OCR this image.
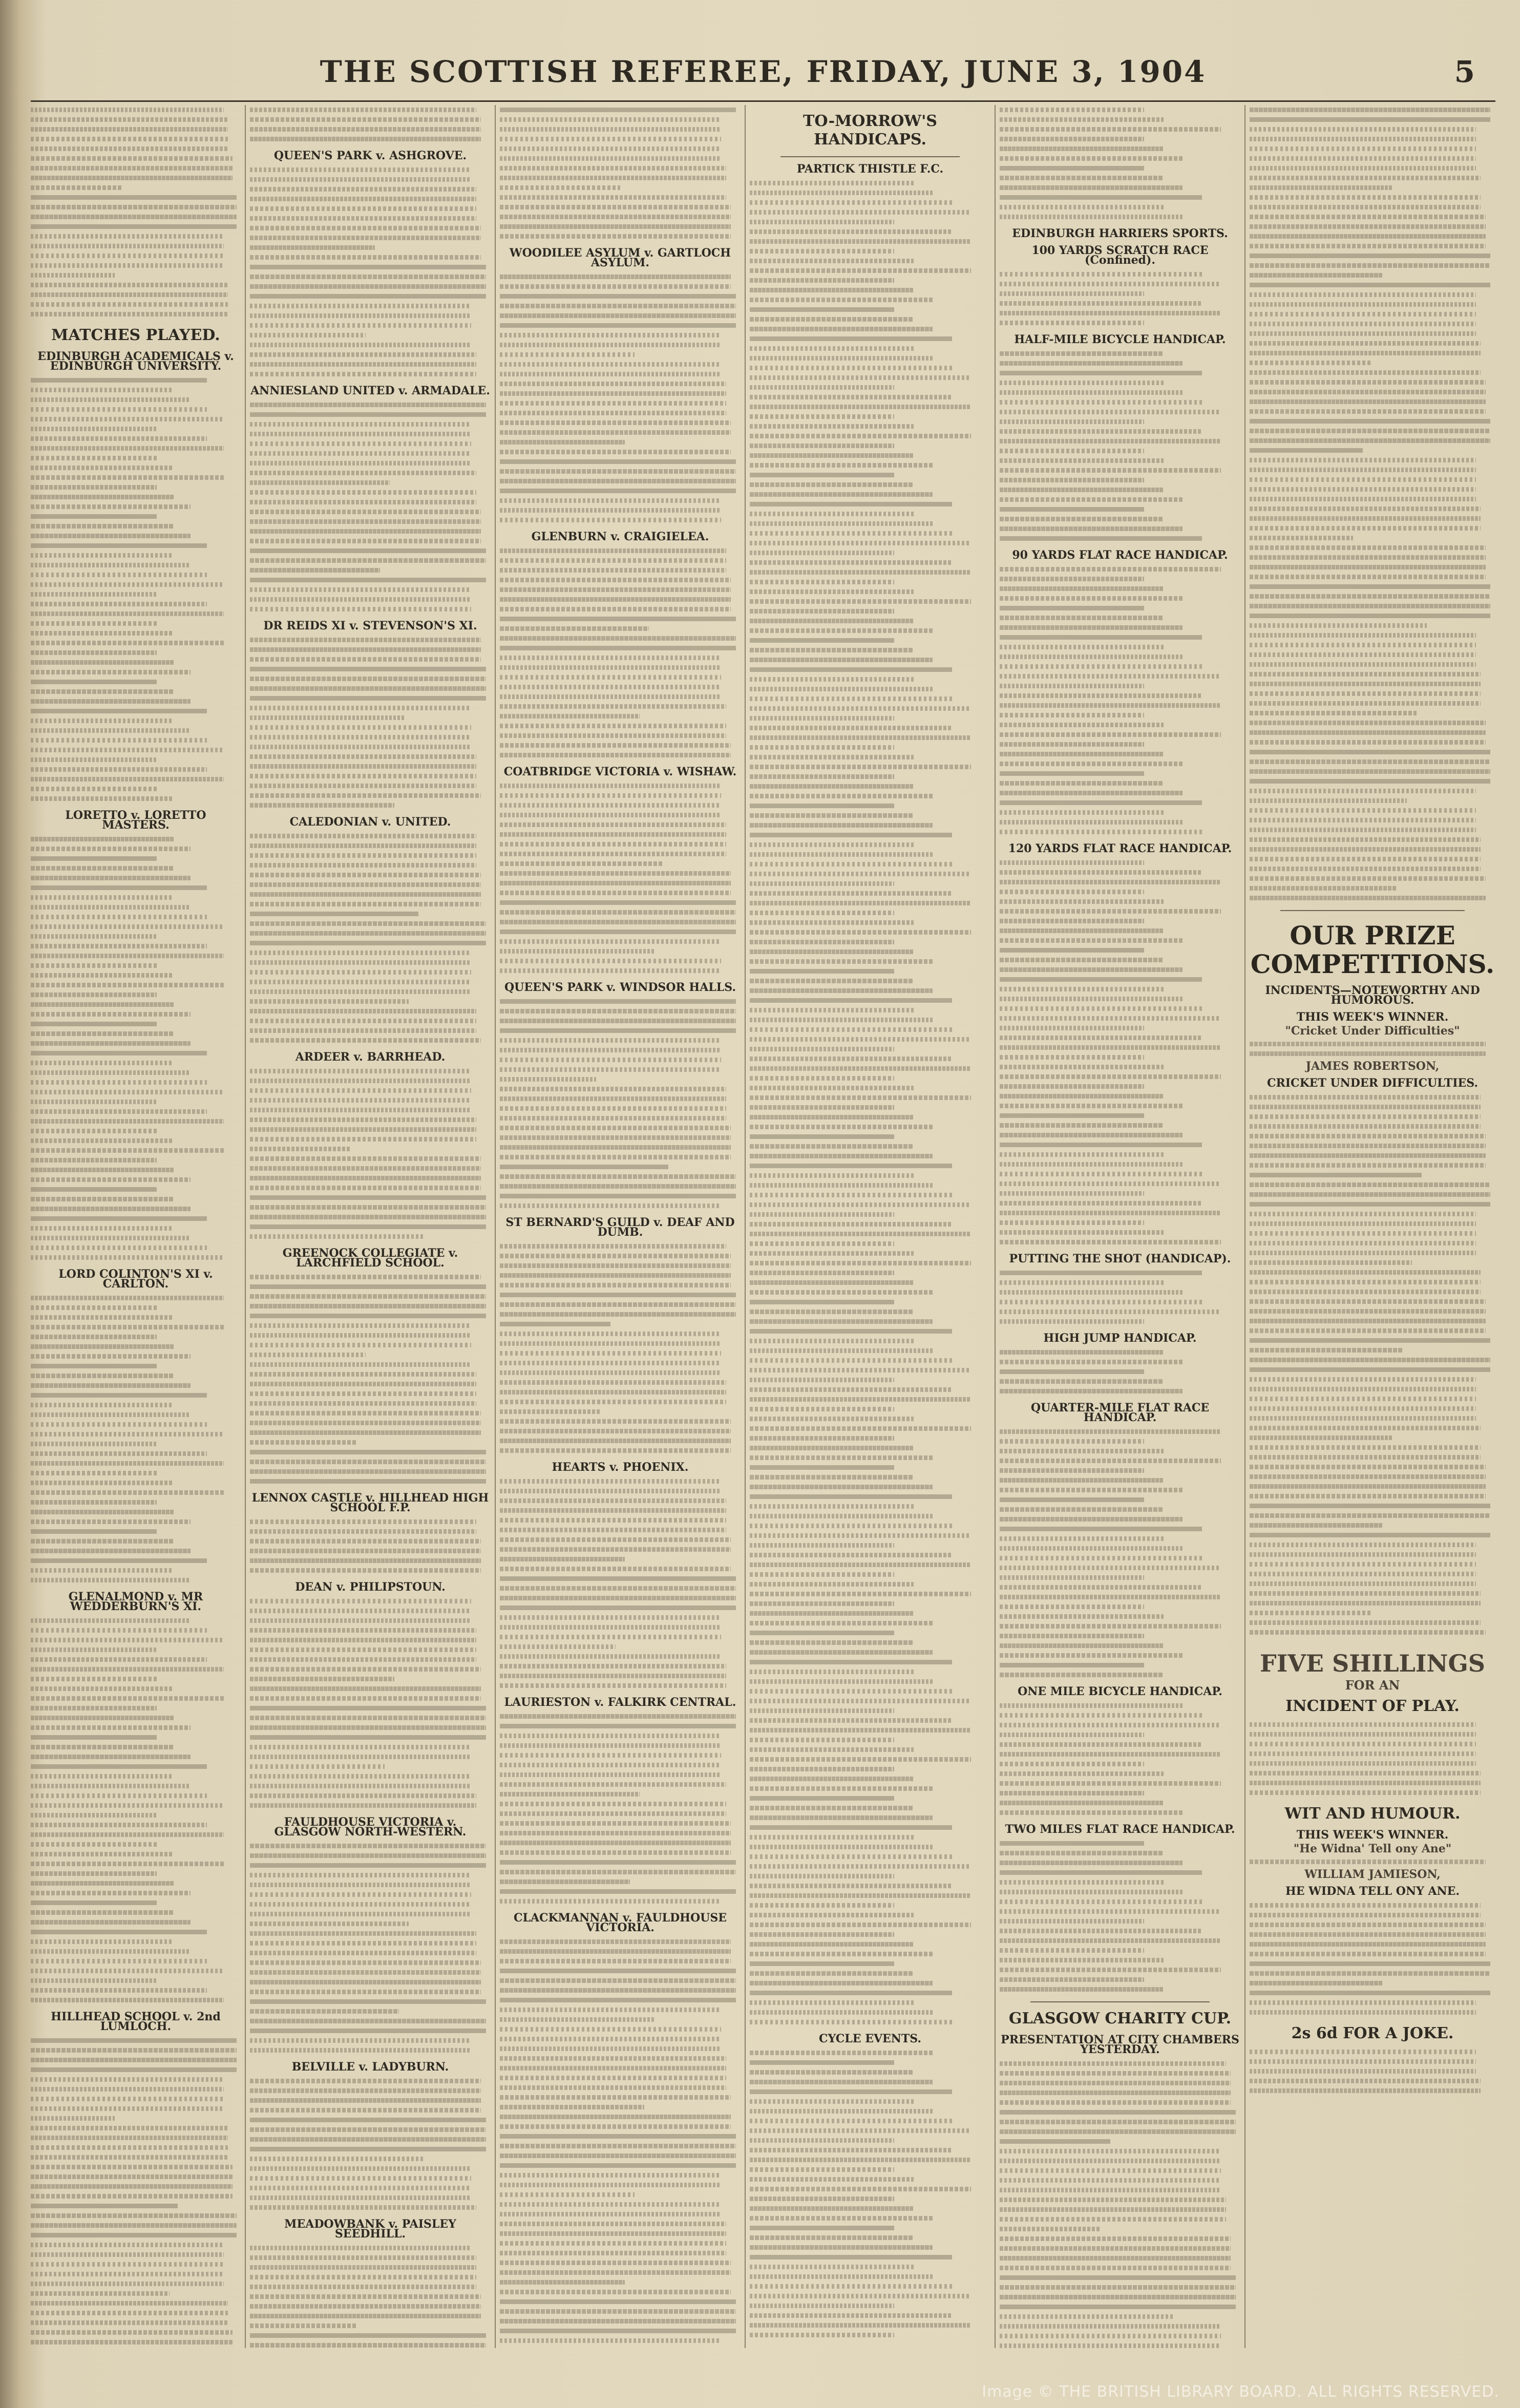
THE SCOTTISH REFEREE, FRIDAY, JUNE 3, 1904	5
MATCHES PLAYED.
EDINBURGH ACADEMICALS v. EDINBURGH UNIVERSITY.
LORETTO v. LORETTO MASTERS.
LORD COLINTON'S XI v. CARLTON.
GLENALMOND v. MR WEDDERBURN'S XI.
HILLHEAD SCHOOL v. 2nd LUMLOCH.
QUEEN'S PARK v. ASHGROVE.
ANNIESLAND UNITED v. ARMADALE.
DR REIDS XI v. STEVENSON'S XI.
CALEDONIAN v. UNITED.
ARDEER v. BARRHEAD.
GREENOCK COLLEGIATE v. LARCHFIELD SCHOOL.
LENNOX CASTLE v. HILLHEAD HIGH SCHOOL F.P.
DEAN v. PHILIPSTOUN.
FAULDHOUSE VICTORIA v. GLASGOW NORTH-WESTERN.
BELVILLE v. LADYBURN.
MEADOWBANK v. PAISLEY SEEDHILL.
WOODILEE ASYLUM v. GARTLOCH ASYLUM.
GLENBURN v. CRAIGIELEA.
COATBRIDGE VICTORIA v. WISHAW.
QUEEN'S PARK v. WINDSOR HALLS.
ST BERNARD'S GUILD v. DEAF AND DUMB.
HEARTS v. PHOENIX.
LAURIESTON v. FALKIRK CENTRAL.
CLACKMANNAN v. FAULDHOUSE VICTORIA.
TO-MORROW'S HANDICAPS.
PARTICK THISTLE F.C.
CYCLE EVENTS.
EDINBURGH HARRIERS SPORTS.
100 YARDS SCRATCH RACE (Confined).
HALF-MILE BICYCLE HANDICAP.
90 YARDS FLAT RACE HANDICAP.
120 YARDS FLAT RACE HANDICAP.
PUTTING THE SHOT (HANDICAP).
HIGH JUMP HANDICAP.
QUARTER-MILE FLAT RACE HANDICAP.
ONE MILE BICYCLE HANDICAP.
TWO MILES FLAT RACE HANDICAP.
GLASGOW CHARITY CUP.
PRESENTATION AT CITY CHAMBERS YESTERDAY.
OUR PRIZE COMPETITIONS.
INCIDENTS—NOTEWORTHY AND HUMOROUS.
THIS WEEK'S WINNER.
"Cricket Under Difficulties"
JAMES ROBERTSON,
CRICKET UNDER DIFFICULTIES.
FIVE SHILLINGS
FOR AN
INCIDENT OF PLAY.
WIT AND HUMOUR.
THIS WEEK'S WINNER.
"He Widna' Tell ony Ane"
WILLIAM JAMIESON,
HE WIDNA TELL ONY ANE.
2s 6d FOR A JOKE.
Image © THE BRITISH LIBRARY BOARD. ALL RIGHTS RESERVED.
